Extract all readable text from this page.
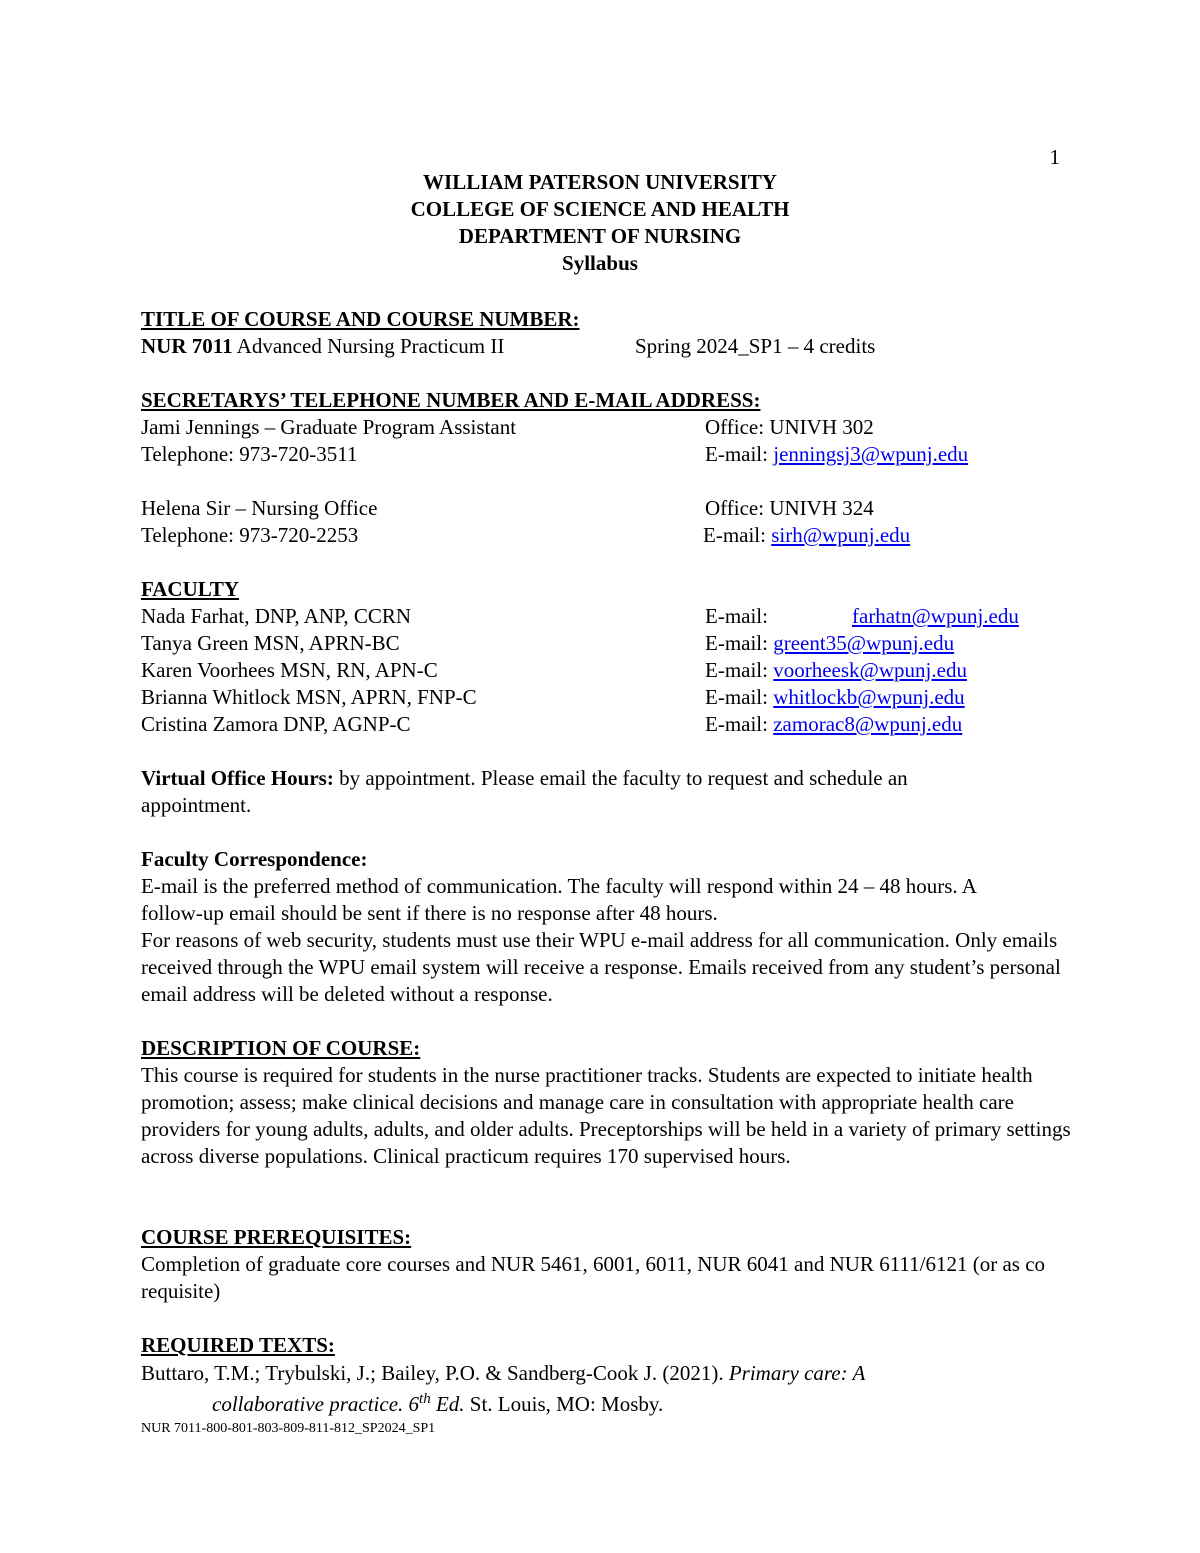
1
WILLIAM PATERSON UNIVERSITY
COLLEGE OF SCIENCE AND HEALTH
DEPARTMENT OF NURSING
Syllabus
TITLE OF COURSE AND COURSE NUMBER:
NUR 7011 Advanced Nursing Practicum II	Spring 2024_SP1 – 4 credits
SECRETARYS’ TELEPHONE NUMBER AND E-MAIL ADDRESS:
Jami Jennings – Graduate Program Assistant	Office: UNIVH 302
Telephone: 973-720-3511	E-mail: jenningsj3@wpunj.edu
Helena Sir – Nursing Office	Office: UNIVH 324
Telephone: 973-720-2253	E-mail: sirh@wpunj.edu
FACULTY
Nada Farhat, DNP, ANP, CCRN	E-mail:	farhatn@wpunj.edu
Tanya Green MSN, APRN-BC	E-mail: greent35@wpunj.edu
Karen Voorhees MSN, RN, APN-C	E-mail: voorheesk@wpunj.edu
Brianna Whitlock MSN, APRN, FNP-C	E-mail: whitlockb@wpunj.edu
Cristina Zamora DNP, AGNP-C	E-mail: zamorac8@wpunj.edu
Virtual Office Hours: by appointment. Please email the faculty to request and schedule an appointment.
Faculty Correspondence:
E-mail is the preferred method of communication. The faculty will respond within 24 – 48 hours. A follow-up email should be sent if there is no response after 48 hours.
For reasons of web security, students must use their WPU e-mail address for all communication. Only emails received through the WPU email system will receive a response. Emails received from any student’s personal email address will be deleted without a response.
DESCRIPTION OF COURSE:
This course is required for students in the nurse practitioner tracks. Students are expected to initiate health promotion; assess; make clinical decisions and manage care in consultation with appropriate health care providers for young adults, adults, and older adults. Preceptorships will be held in a variety of primary settings across diverse populations. Clinical practicum requires 170 supervised hours.
COURSE PREREQUISITES:
Completion of graduate core courses and NUR 5461, 6001, 6011, NUR 6041 and NUR 6111/6121 (or as co requisite)
REQUIRED TEXTS:
Buttaro, T.M.; Trybulski, J.; Bailey, P.O. & Sandberg-Cook J. (2021). Primary care: A
collaborative practice. 6th Ed. St. Louis, MO: Mosby.
NUR 7011-800-801-803-809-811-812_SP2024_SP1
